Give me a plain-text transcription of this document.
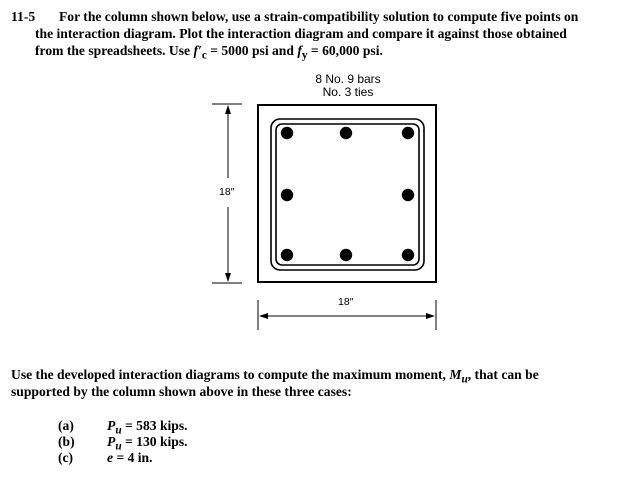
11-5 For the column shown below, use a strain-compatibility solution to compute five points on
the interaction diagram. Plot the interaction diagram and compare it against those obtained
from the spreadsheets. Use $f'_c = 5000$ psi and $f_y = 60,000$ psi.
8 No. 9 bars
No. 3 ties
18″
18″
Use the developed interaction diagrams to compute the maximum moment, $M_u$, that can be
supported by the column shown above in these three cases:
(a) $P_u = 583$ kips.
(b) $P_u = 130$ kips.
(c) e = 4 in.
